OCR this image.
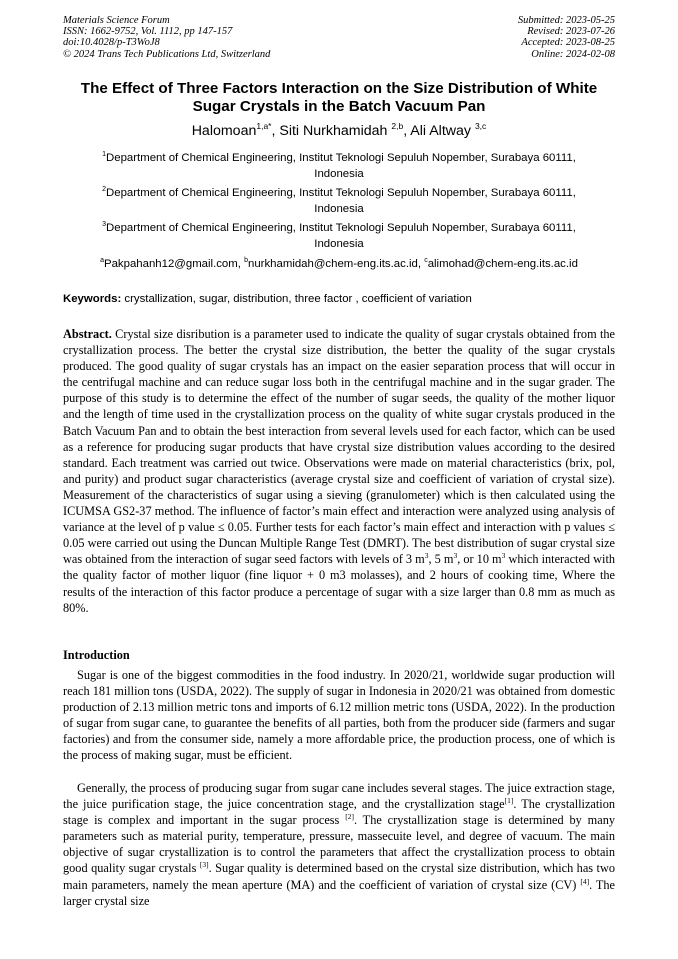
Materials Science Forum
ISSN: 1662-9752, Vol. 1112, pp 147-157
doi:10.4028/p-T3WoJ8
© 2024 Trans Tech Publications Ltd, Switzerland
Submitted: 2023-05-25
Revised: 2023-07-26
Accepted: 2023-08-25
Online: 2024-02-08
The Effect of Three Factors Interaction on the Size Distribution of White
Sugar Crystals in the Batch Vacuum Pan
Halomoan$^{1,a*}$, Siti Nurkhamidah $^{2,b}$, Ali Altway $^{3,c}$
$^1$Department of Chemical Engineering, Institut Teknologi Sepuluh Nopember, Surabaya 60111,
Indonesia
$^2$Department of Chemical Engineering, Institut Teknologi Sepuluh Nopember, Surabaya 60111,
Indonesia
$^3$Department of Chemical Engineering, Institut Teknologi Sepuluh Nopember, Surabaya 60111,
Indonesia
$^a$Pakpahanh12@gmail.com, $^b$nurkhamidah@chem-eng.its.ac.id, $^c$alimohad@chem-eng.its.ac.id
Keywords: crystallization, sugar, distribution, three factor , coefficient of variation
Abstract. Crystal size disribution is a parameter used to indicate the quality of sugar crystals obtained from the crystallization process. The better the crystal size distribution, the better the quality of the sugar crystals produced. The good quality of sugar crystals has an impact on the easier separation process that will occur in the centrifugal machine and can reduce sugar loss both in the centrifugal machine and in the sugar grader. The purpose of this study is to determine the effect of the number of sugar seeds, the quality of the mother liquor and the length of time used in the crystallization process on the quality of white sugar crystals produced in the Batch Vacuum Pan and to obtain the best interaction from several levels used for each factor, which can be used as a reference for producing sugar products that have crystal size distribution values according to the desired standard. Each treatment was carried out twice. Observations were made on material characteristics (brix, pol, and purity) and product sugar characteristics (average crystal size and coefficient of variation of crystal size). Measurement of the characteristics of sugar using a sieving (granulometer) which is then calculated using the ICUMSA GS2-37 method. The influence of factor’s main effect and interaction were analyzed using analysis of variance at the level of p value ≤ 0.05. Further tests for each factor’s main effect and interaction with p values ≤ 0.05 were carried out using the Duncan Multiple Range Test (DMRT). The best distribution of sugar crystal size was obtained from the interaction of sugar seed factors with levels of 3 $m^3$, 5 $m^3$, or 10 $m^3$ which interacted with the quality factor of mother liquor (fine liquor + 0 m3 molasses), and 2 hours of cooking time, Where the results of the interaction of this factor produce a percentage of sugar with a size larger than 0.8 mm as much as 80%.
Introduction

Sugar is one of the biggest commodities in the food industry. In 2020/21, worldwide sugar production will reach 181 million tons (USDA, 2022). The supply of sugar in Indonesia in 2020/21 was obtained from domestic production of 2.13 million metric tons and imports of 6.12 million metric tons (USDA, 2022). In the production of sugar from sugar cane, to guarantee the benefits of all parties, both from the producer side (farmers and sugar factories) and from the consumer side, namely a more affordable price, the production process, one of which is the process of making sugar, must be efficient.

Generally, the process of producing sugar from sugar cane includes several stages. The juice extraction stage, the juice purification stage, the juice concentration stage, and the crystallization stage[1]. The crystallization stage is complex and important in the sugar process [2]. The crystallization stage is determined by many parameters such as material purity, temperature, pressure, massecuite level, and degree of vacuum. The main objective of sugar crystallization is to control the parameters that affect the crystallization process to obtain good quality sugar crystals [3]. Sugar quality is determined based on the crystal size distribution, which has two main parameters, namely the mean aperture (MA) and the coefficient of variation of crystal size (CV) [4]. The larger crystal size
